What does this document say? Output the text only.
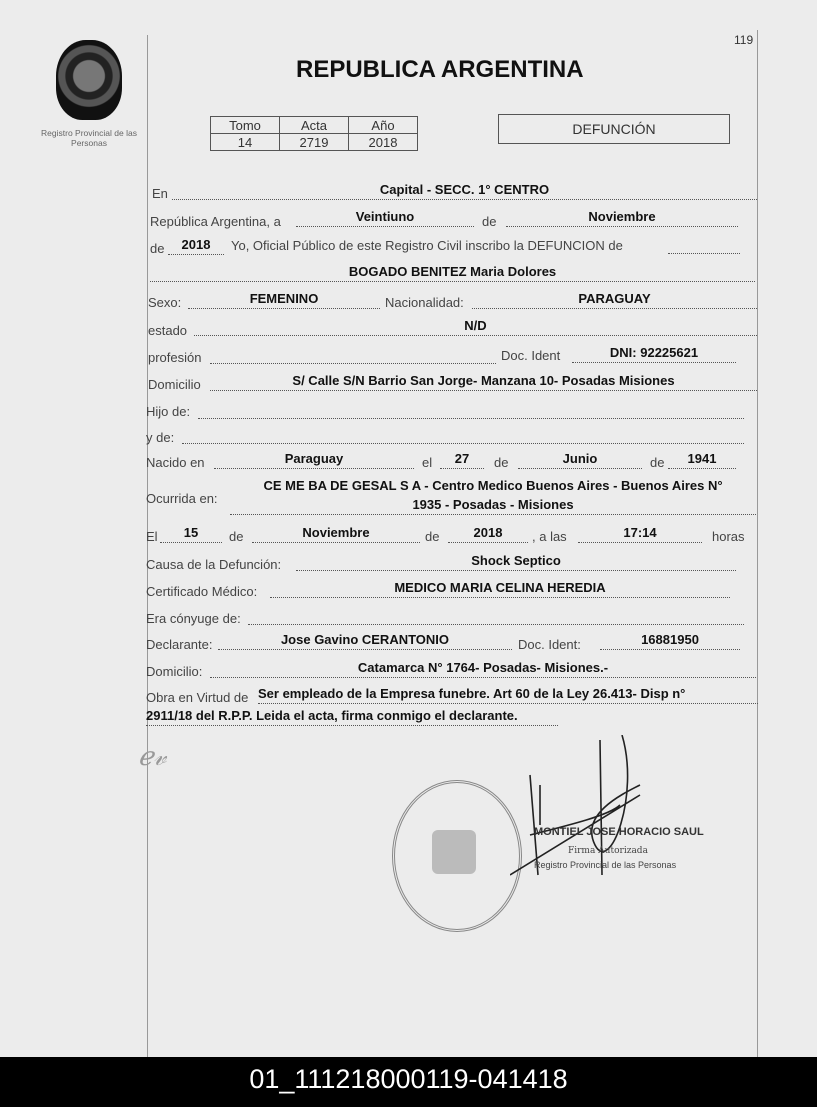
119
Registro Provincial de las Personas
REPUBLICA ARGENTINA
Tomo	Acta	Año
14	2719	2018
DEFUNCIÓN
En	Capital - SECC. 1° CENTRO
República Argentina, a	Veintiuno	de	Noviembre
de	2018	Yo, Oficial Público de este Registro Civil inscribo la DEFUNCION de
BOGADO BENITEZ Maria Dolores
Sexo:	FEMENINO	Nacionalidad:	PARAGUAY
estado	N/D
profesión	Doc. Ident	DNI: 92225621
Domicilio	S/ Calle S/N Barrio San Jorge- Manzana 10- Posadas Misiones
Hijo de:
y de:
Nacido en	Paraguay	el	27	de	Junio	de	1941
Ocurrida en:
CE ME BA DE GESAL S A - Centro Medico Buenos Aires - Buenos Aires N°
1935 - Posadas - Misiones
El	15	de	Noviembre	de	2018	, a las	17:14	horas
Causa de la Defunción:	Shock Septico
Certificado Médico:	MEDICO MARIA CELINA HEREDIA
Era cónyuge de:
Declarante:	Jose Gavino CERANTONIO	Doc. Ident:	16881950
Domicilio:	Catamarca N° 1764- Posadas- Misiones.-
Obra en Virtud de Ser empleado de la Empresa funebre. Art 60 de la Ley 26.413- Disp n°
2911/18 del R.P.P. Leida el acta, firma conmigo el declarante.
ℯ𝓋
MONTIEL JOSE HORACIO SAUL
Firma Autorizada
Registro Provincial de las Personas
01_111218000119-041418
